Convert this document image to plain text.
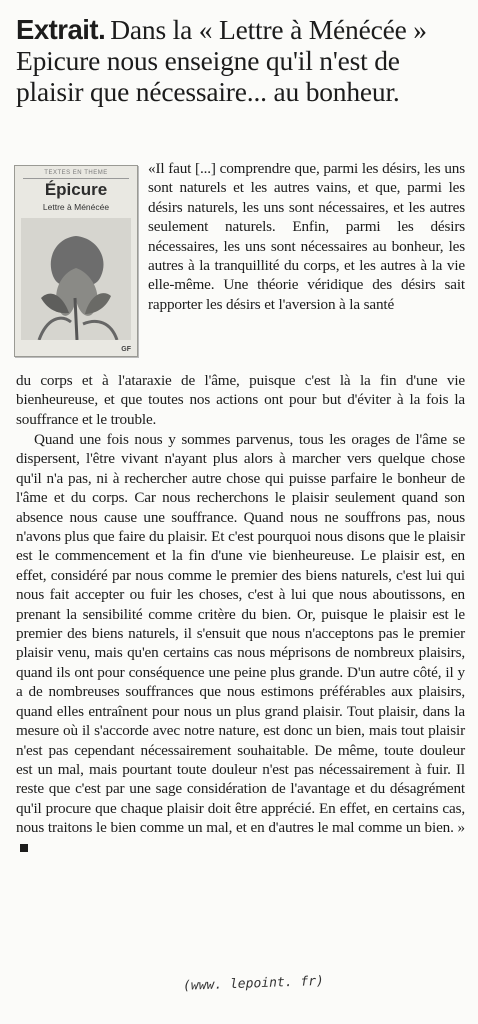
Extrait. Dans la « Lettre à Ménécée » Epicure nous enseigne qu'il n'est de plaisir que nécessaire... au bonheur.
TEXTES EN THEME
Épicure
Lettre à Ménécée
GF

«Il faut [...] comprendre que, parmi les désirs, les uns sont naturels et les autres vains, et que, parmi les désirs naturels, les uns sont nécessaires, et les autres seulement naturels. Enfin, parmi les désirs nécessaires, les uns sont nécessaires au bonheur, les autres à la tranquillité du corps, et les autres à la vie elle-même. Une théorie véridique des désirs sait rapporter les désirs et l'aversion à la santé

du corps et à l'ataraxie de l'âme, puisque c'est là la fin d'une vie bienheureuse, et que toutes nos actions ont pour but d'éviter à la fois la souffrance et le trouble.

Quand une fois nous y sommes parvenus, tous les orages de l'âme se dispersent, l'être vivant n'ayant plus alors à marcher vers quelque chose qu'il n'a pas, ni à rechercher autre chose qui puisse parfaire le bonheur de l'âme et du corps. Car nous recherchons le plaisir seulement quand son absence nous cause une souffrance. Quand nous ne souffrons pas, nous n'avons plus que faire du plaisir. Et c'est pourquoi nous disons que le plaisir est le commencement et la fin d'une vie bienheureuse. Le plaisir est, en effet, considéré par nous comme le premier des biens naturels, c'est lui qui nous fait accepter ou fuir les choses, c'est à lui que nous aboutissons, en prenant la sensibilité comme critère du bien. Or, puisque le plaisir est le premier des biens naturels, il s'ensuit que nous n'acceptons pas le premier plaisir venu, mais qu'en certains cas nous méprisons de nombreux plaisirs, quand ils ont pour conséquence une peine plus grande. D'un autre côté, il y a de nombreuses souffrances que nous estimons préférables aux plaisirs, quand elles entraînent pour nous un plus grand plaisir. Tout plaisir, dans la mesure où il s'accorde avec notre nature, est donc un bien, mais tout plaisir n'est pas cependant nécessairement souhaitable. De même, toute douleur est un mal, mais pourtant toute douleur n'est pas nécessairement à fuir. Il reste que c'est par une sage considération de l'avantage et du désagrément qu'il procure que chaque plaisir doit être apprécié. En effet, en certains cas, nous traitons le bien comme un mal, et en d'autres le mal comme un bien. »

(www. lepoint. fr)
